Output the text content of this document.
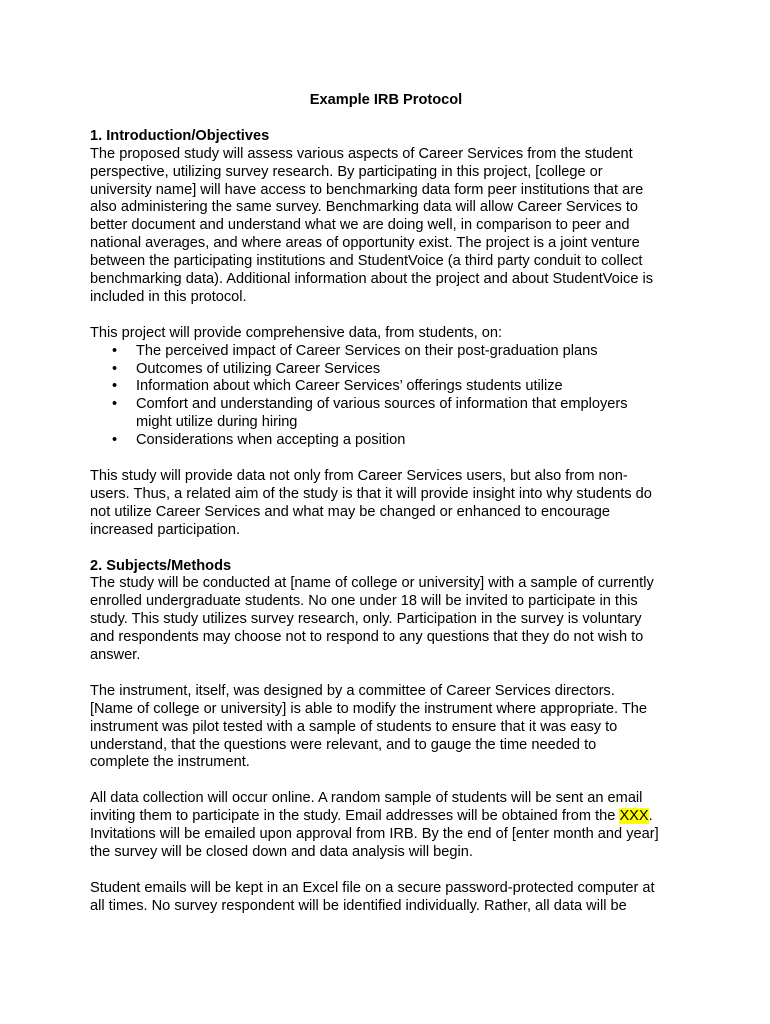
Example IRB Protocol
1. Introduction/Objectives
The proposed study will assess various aspects of Career Services from the student
perspective, utilizing survey research. By participating in this project, [college or
university name] will have access to benchmarking data form peer institutions that are
also administering the same survey. Benchmarking data will allow Career Services to
better document and understand what we are doing well, in comparison to peer and
national averages, and where areas of opportunity exist. The project is a joint venture
between the participating institutions and StudentVoice (a third party conduit to collect
benchmarking data). Additional information about the project and about StudentVoice is
included in this protocol.
This project will provide comprehensive data, from students, on:
• The perceived impact of Career Services on their post-graduation plans
• Outcomes of utilizing Career Services
• Information about which Career Services’ offerings students utilize
• Comfort and understanding of various sources of information that employers
might utilize during hiring
• Considerations when accepting a position
This study will provide data not only from Career Services users, but also from non-
users. Thus, a related aim of the study is that it will provide insight into why students do
not utilize Career Services and what may be changed or enhanced to encourage
increased participation.
2. Subjects/Methods
The study will be conducted at [name of college or university] with a sample of currently
enrolled undergraduate students. No one under 18 will be invited to participate in this
study. This study utilizes survey research, only. Participation in the survey is voluntary
and respondents may choose not to respond to any questions that they do not wish to
answer.
The instrument, itself, was designed by a committee of Career Services directors.
[Name of college or university] is able to modify the instrument where appropriate. The
instrument was pilot tested with a sample of students to ensure that it was easy to
understand, that the questions were relevant, and to gauge the time needed to
complete the instrument.
All data collection will occur online. A random sample of students will be sent an email
inviting them to participate in the study. Email addresses will be obtained from the XXX.
Invitations will be emailed upon approval from IRB. By the end of [enter month and year]
the survey will be closed down and data analysis will begin.
Student emails will be kept in an Excel file on a secure password-protected computer at
all times. No survey respondent will be identified individually. Rather, all data will be
